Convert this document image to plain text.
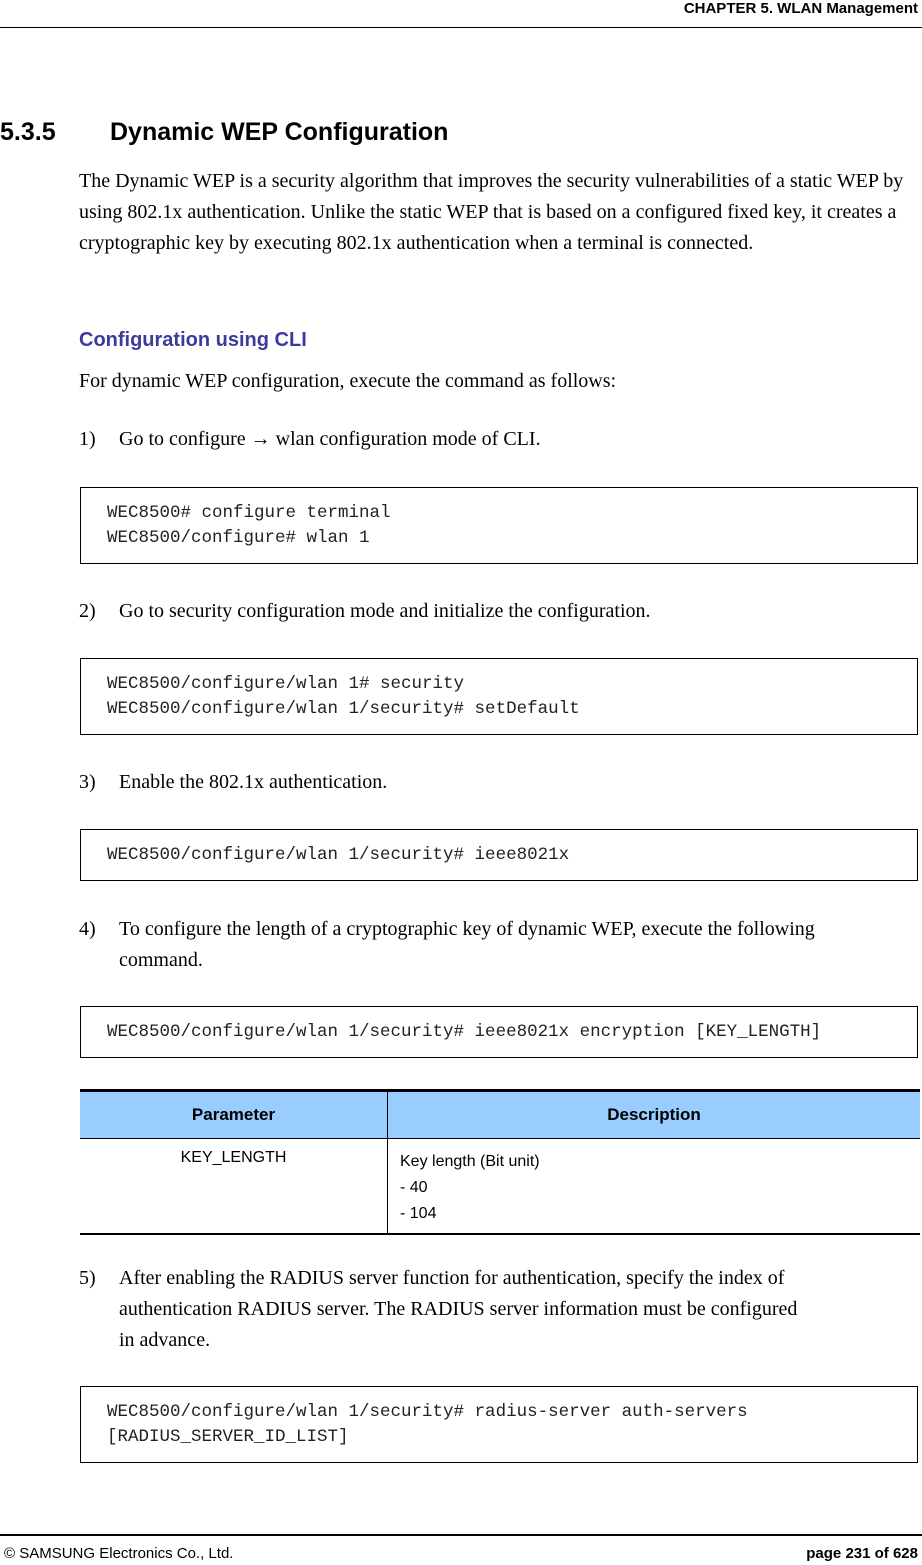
CHAPTER 5. WLAN Management
5.3.5 Dynamic WEP Configuration
The Dynamic WEP is a security algorithm that improves the security vulnerabilities of a static WEP by using 802.1x authentication. Unlike the static WEP that is based on a configured fixed key, it creates a cryptographic key by executing 802.1x authentication when a terminal is connected.
Configuration using CLI
For dynamic WEP configuration, execute the command as follows:
1) Go to configure → wlan configuration mode of CLI.
WEC8500# configure terminal
WEC8500/configure# wlan 1
2) Go to security configuration mode and initialize the configuration.
WEC8500/configure/wlan 1# security
WEC8500/configure/wlan 1/security# setDefault
3) Enable the 802.1x authentication.
WEC8500/configure/wlan 1/security# ieee8021x
4) To configure the length of a cryptographic key of dynamic WEP, execute the following
command.
WEC8500/configure/wlan 1/security# ieee8021x encryption [KEY_LENGTH]
Parameter	Description
KEY_LENGTH	Key length (Bit unit)
- 40
- 104
5) After enabling the RADIUS server function for authentication, specify the index of
authentication RADIUS server. The RADIUS server information must be configured
in advance.
WEC8500/configure/wlan 1/security# radius-server auth-servers
[RADIUS_SERVER_ID_LIST]
© SAMSUNG Electronics Co., Ltd.	page 231 of 628
